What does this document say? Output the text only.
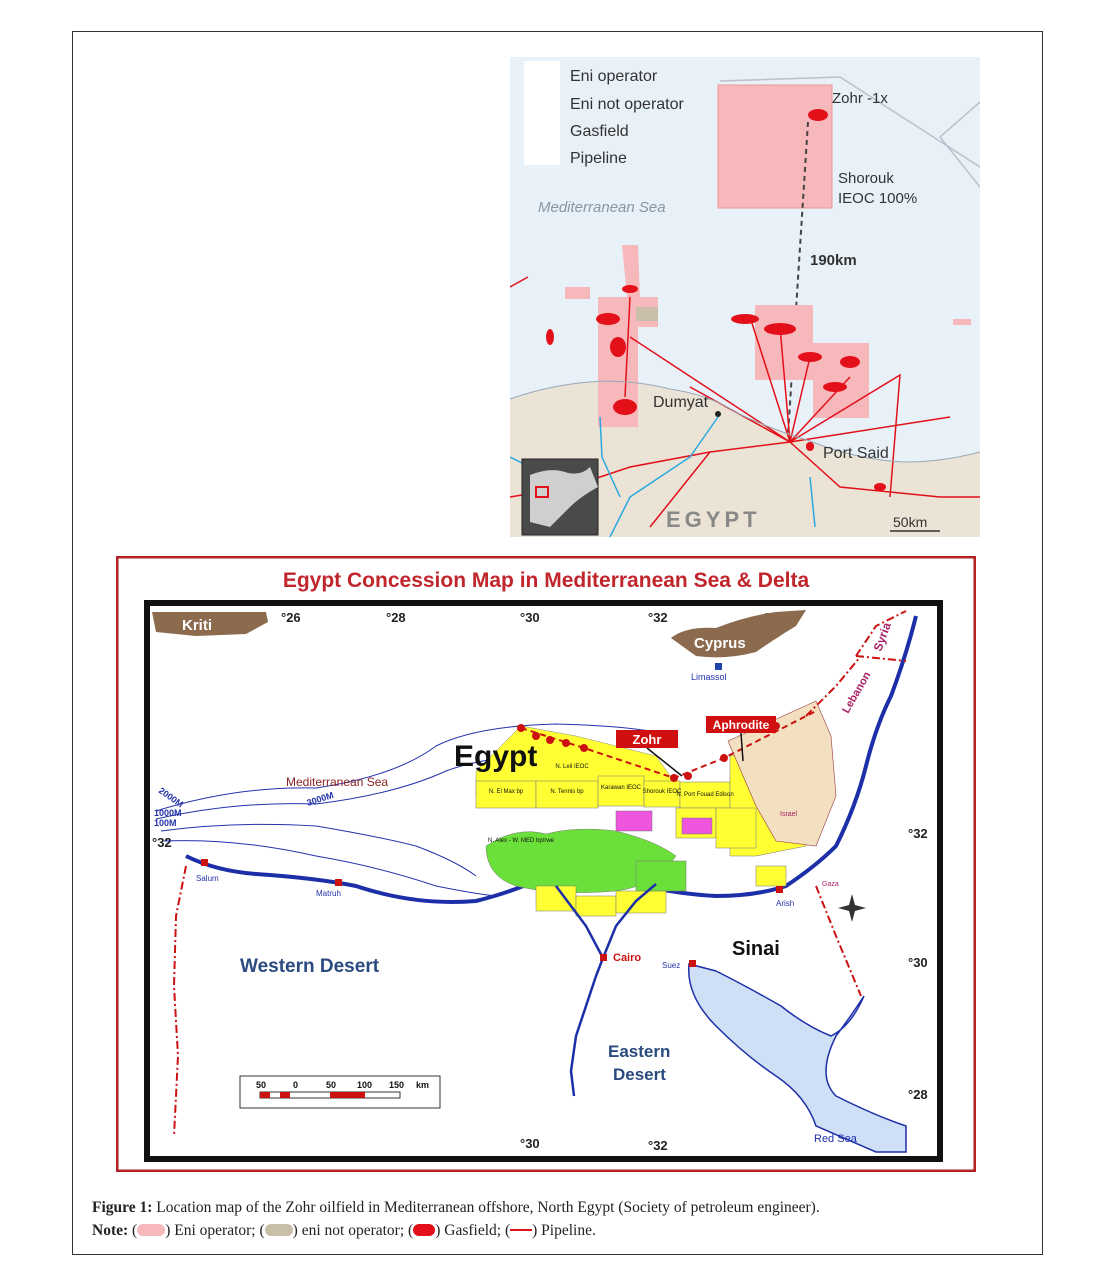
Eni operator
Eni not operator
Gasfield
Pipeline
Zohr -1x
Shorouk
IEOC 100%
Mediterranean Sea
190km
Dumyat
Port Said
EGYPT	50km
Egypt Concession Map in Mediterranean Sea & Delta
°26	°28	°30	°32
°30	°32
°32
°32
°30
°28
Kriti
Cyprus
Limassol
2000M
1000M
100M
3000M	N. El Max bp	N. Tennis bp
Karawan IEOC
Shorouk IEOC
N. Port Fouad Edison
N. Leil IEOC
N. Alex - W. MED bp/rwe
Egypt
Mediterranean Sea
Zohr
Aphrodite
Syria
Lebanon
Israel
Gaza
Red Sea
Salum
Matruh
Arish
Cairo
Suez
Sinai
Western Desert
Eastern
Desert
50	0	50 100 150 km
Figure 1: Location map of the Zohr oilfield in Mediterranean offshore, North Egypt (Society of petroleum engineer).
Note: ( ) Eni operator; ( ) eni not operator; ( ) Gasfield; ( ) Pipeline.
